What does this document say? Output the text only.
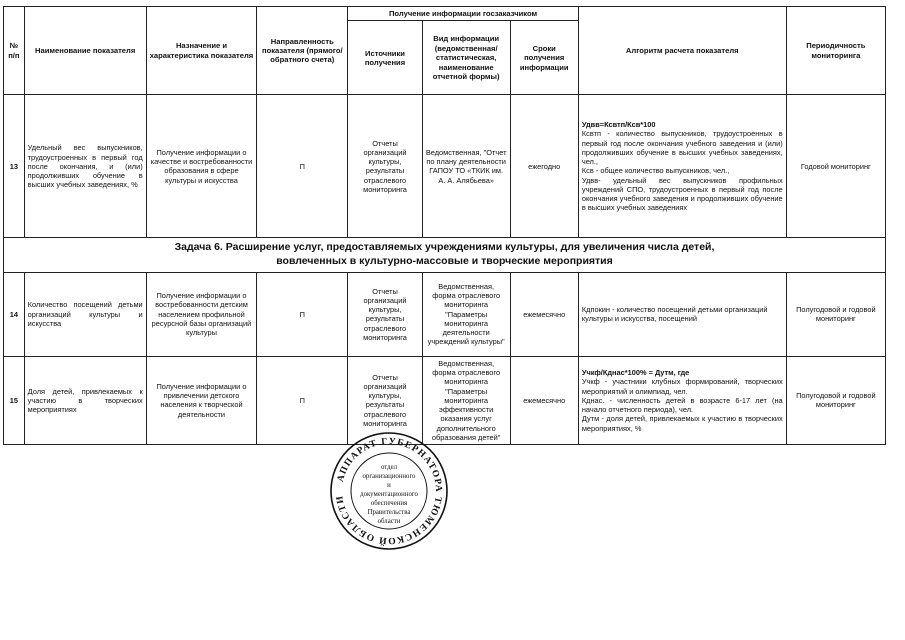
№ п/п	Наименование показателя	Назначение и характеристика показателя	Направленность показателя (прямого/ обратного счета)	Получение информации госзаказчиком			Алгоритм расчета показателя	Периодичность мониторинга
				Источники получения	Вид информации (ведомственная/ статистическая, наименование отчетной формы)	Сроки получения информации		
13	Удельный вес выпускников, трудоустроенных в первый год после окончания, и (или) продолживших обучение в высших учебных заведениях, %	Получение информации о качестве и востребованности образования в сфере культуры и искусства	П	Отчеты организаций культуры, результаты отраслевого мониторинга	Ведомственная, "Отчет по плану деятельности ГАПОУ ТО «ТКИК им. А. А. Алябьева»	ежегодно	Удвв=Ксвтп/Ксв*100
Ксвтп - количество выпускников, трудоустроенных в первый год после окончания учебного заведения и (или) продолживших обучение в высших учебных заведениях, чел.,
Ксв - общее количество выпускников, чел.,
Удвв- удельный вес выпускников профильных учреждений СПО, трудоустроенных в первый год после окончания учебного заведения и продолживших обучение в высших учебных заведениях	Годовой мониторинг

Задача 6. Расширение услуг, предоставляемых учреждениями культуры, для увеличения числа детей,
вовлеченных в культурно-массовые и творческие мероприятия								

14	Количество посещений детьми организаций культуры и искусства	Получение информации о востребованности детским населением профильной ресурсной базы организаций культуры	П	Отчеты организаций культуры, результаты отраслевого мониторинга	Ведомственная, форма отраслевого мониторинга "Параметры мониторинга деятельности учреждений культуры"	ежемесячно	Кдпокин - количество посещений детьми организаций культуры и искусства, посещений	Полугодовой и годовой мониторинг
15	Доля детей, привлекаемых к участию в творческих мероприятиях	Получение информации о привлечении детского населения к творческой деятельности	П	Отчеты организаций культуры, результаты отраслевого мониторинга	Ведомственная, форма отраслевого мониторинга "Параметры мониторинга эффективности оказания услуг дополнительного образования детей"	ежемесячно	Учкф/Кднас*100% = Дутм, где
Учкф - участники клубных формирований, творческих мероприятий и олимпиад, чел.
Кднас. - численность детей в возрасте 6-17 лет (на начало отчетного периода), чел.
Дутм - доля детей, привлекаемых к участию в творческих мероприятиях, %	Полугодовой и годовой мониторинг
АППАРАТ ГУБЕРНАТОРА ТЮМЕНСКОЙ ОБЛАСТИ
отдел
организационного
и
документационного
обеспечения
Правительства
области
